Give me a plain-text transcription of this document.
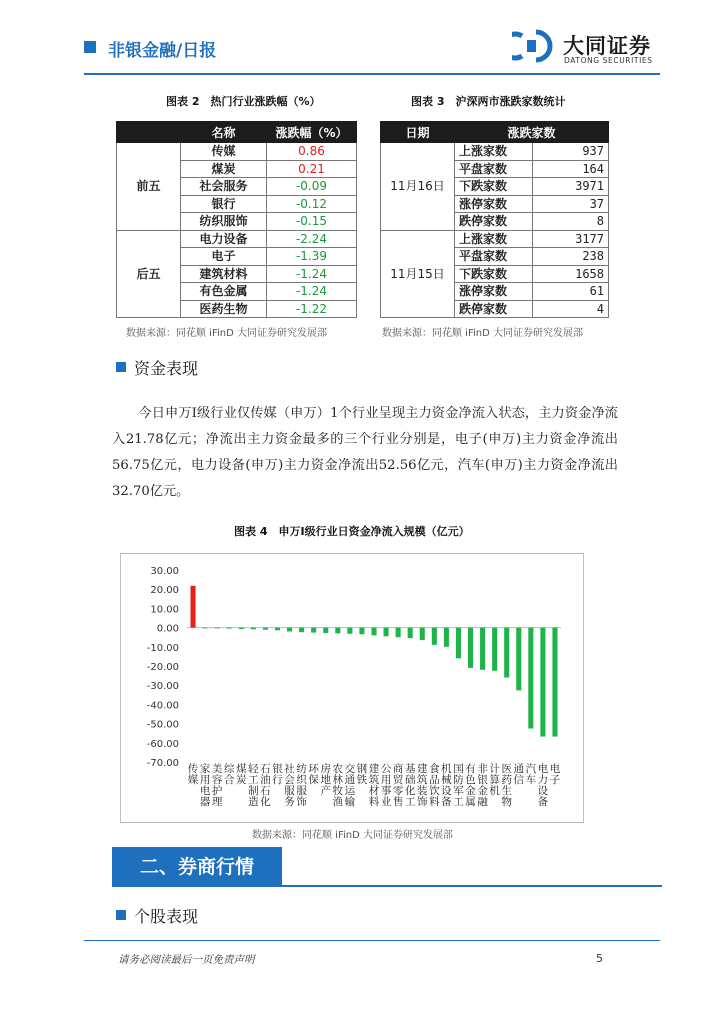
非银金融/日报	大同证券
DATONG SECURITIES
图表 2　热门行业涨跌幅（%）
	名称	涨跌幅（%）
前五	传媒	0.86
	煤炭	0.21
	社会服务	-0.09
	银行	-0.12
	纺织服饰	-0.15
后五	电力设备	-2.24
	电子	-1.39
	建筑材料	-1.24
	有色金属	-1.24
	医药生物	-1.22
数据来源：同花顺 iFinD 大同证券研究发展部
图表 3　沪深两市涨跌家数统计
日期	涨跌家数	
11月16日	上涨家数	937
	平盘家数	164
	下跌家数	3971
	涨停家数	37
	跌停家数	8
11月15日	上涨家数	3177
	平盘家数	238
	下跌家数	1658
	涨停家数	61
	跌停家数	4
数据来源：同花顺 iFinD 大同证券研究发展部
资金表现

今日申万Ⅰ级行业仅传媒（申万）1个行业呈现主力资金净流入状态，主力资金净流入21.78亿元；净流出主力资金最多的三个行业分别是，电子(申万)主力资金净流出56.75亿元，电力设备(申万)主力资金净流出52.56亿元，汽车(申万)主力资金净流出32.70亿元。

图表 4　申万Ⅰ级行业日资金净流入规模（亿元）
30.00
20.00
10.00
0.00
-10.00
-20.00
-30.00
-40.00
-50.00
-60.00
-70.00 传媒
家用电器
美容护理
综合
煤炭
轻工制造
石油石化
银行
社会服务
纺织服饰
环保
房地产
农林牧渔
交通运输
钢铁
建筑材料
公用事业
商贸零售
基础化工
建筑装饰
食品饮料
机械设备
国防军工
有色金属
非银金融
计算机
医药生物
通信
汽车
电力设备
电子
数据来源：同花顺 iFinD 大同证券研究发展部
二、券商行情
个股表现
请务必阅读最后一页免责声明	5
